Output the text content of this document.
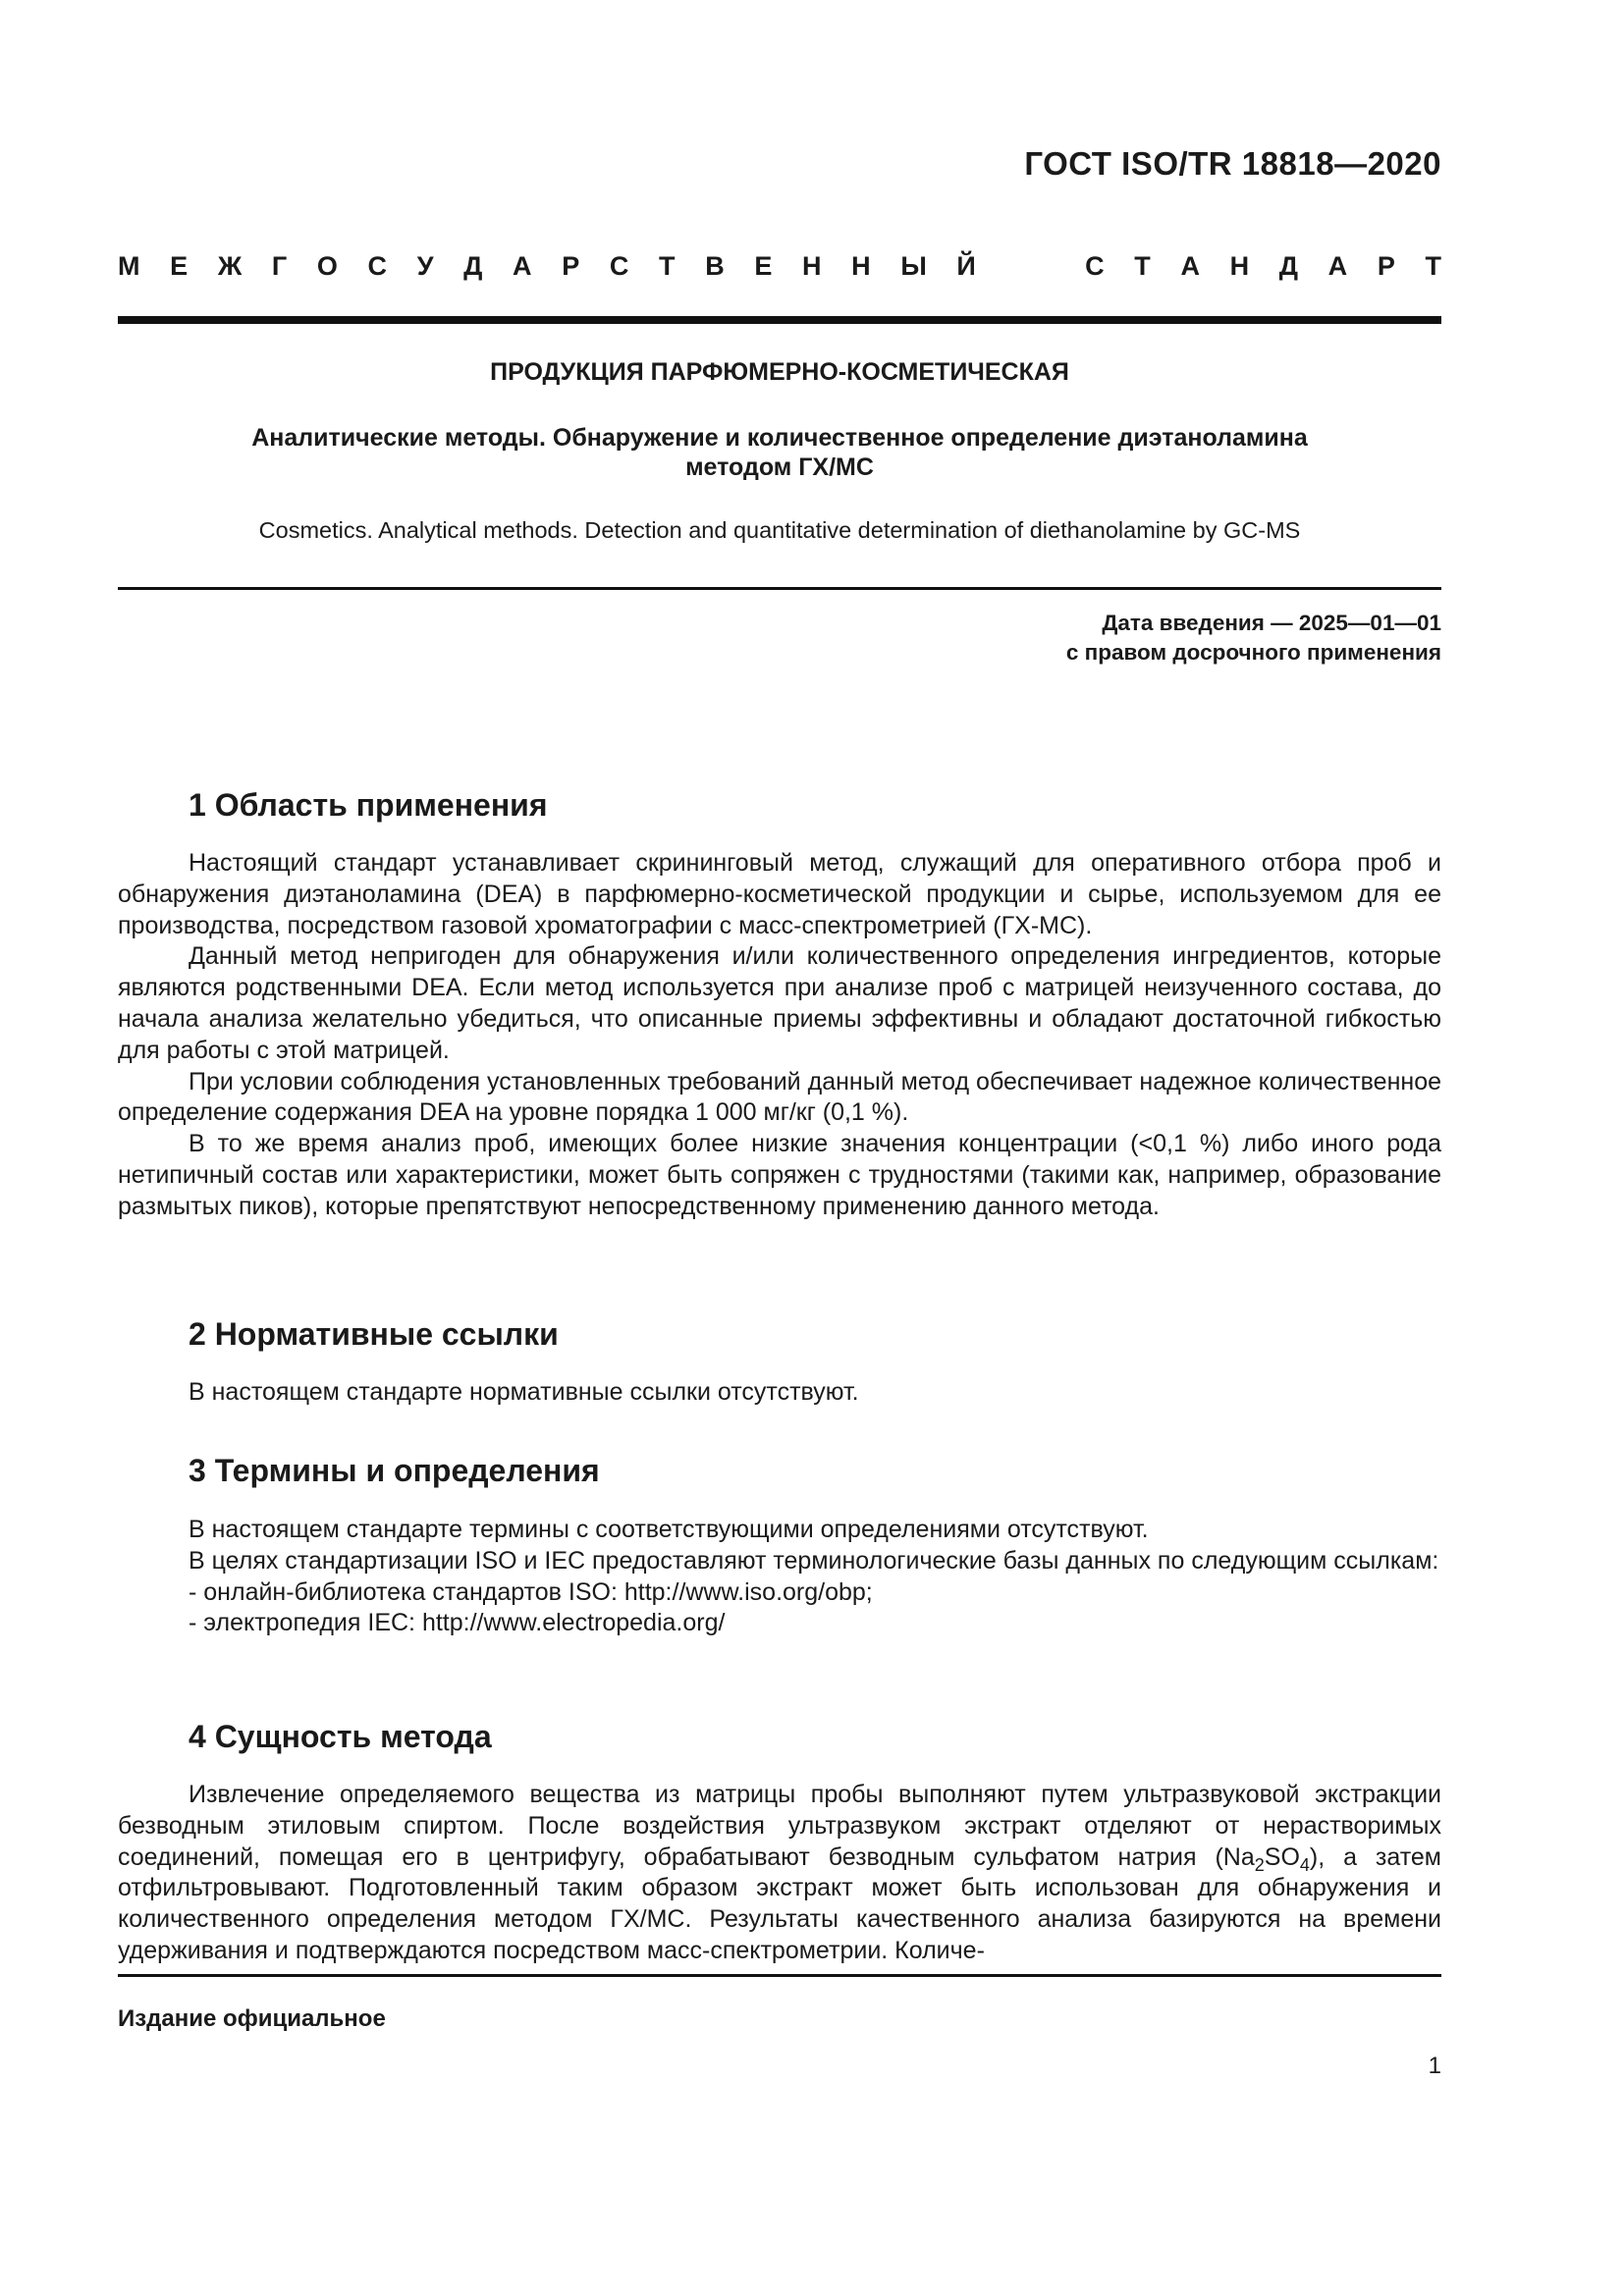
ГОСТ ISO/TR 18818—2020
М Е Ж Г О С У Д А Р С Т В Е Н Н Ы Й	С Т А Н Д А Р Т
ПРОДУКЦИЯ ПАРФЮМЕРНО-КОСМЕТИЧЕСКАЯ
Аналитические методы. Обнаружение и количественное определение диэтаноламина
методом ГХ/МС

Cosmetics. Analytical methods. Detection and quantitative determination of diethanolamine by GC-MS

Дата введения — 2025—01—01
с правом досрочного применения
1 Область применения

Настоящий стандарт устанавливает скрининговый метод, служащий для оперативного отбора проб и обнаружения диэтаноламина (DEA) в парфюмерно-косметической продукции и сырье, используемом для ее производства, посредством газовой хроматографии с масс-спектрометрией (ГХ-МС).

Данный метод непригоден для обнаружения и/или количественного определения ингредиентов, которые являются родственными DEA. Если метод используется при анализе проб с матрицей неизученного состава, до начала анализа желательно убедиться, что описанные приемы эффективны и обладают достаточной гибкостью для работы с этой матрицей.

При условии соблюдения установленных требований данный метод обеспечивает надежное количественное определение содержания DEA на уровне порядка 1 000 мг/кг (0,1 %).

В то же время анализ проб, имеющих более низкие значения концентрации (<0,1 %) либо иного рода нетипичный состав или характеристики, может быть сопряжен с трудностями (такими как, например, образование размытых пиков), которые препятствуют непосредственному применению данного метода.

2 Нормативные ссылки

В настоящем стандарте нормативные ссылки отсутствуют.

3 Термины и определения

В настоящем стандарте термины с соответствующими определениями отсутствуют.

В целях стандартизации ISO и IEC предоставляют терминологические базы данных по следующим ссылкам:

- онлайн-библиотека стандартов ISO: http://www.iso.org/obp;

- электропедия IEC: http://www.electropedia.org/

4 Сущность метода

Извлечение определяемого вещества из матрицы пробы выполняют путем ультразвуковой экстракции безводным этиловым спиртом. После воздействия ультразвуком экстракт отделяют от нерастворимых соединений, помещая его в центрифугу, обрабатывают безводным сульфатом натрия $(Na_2SO_4)$, а затем отфильтровывают. Подготовленный таким образом экстракт может быть использован для обнаружения и количественного определения методом ГХ/МС. Результаты качественного анализа базируются на времени удерживания и подтверждаются посредством масс-спектрометрии. Количе-

Издание официальное

1
